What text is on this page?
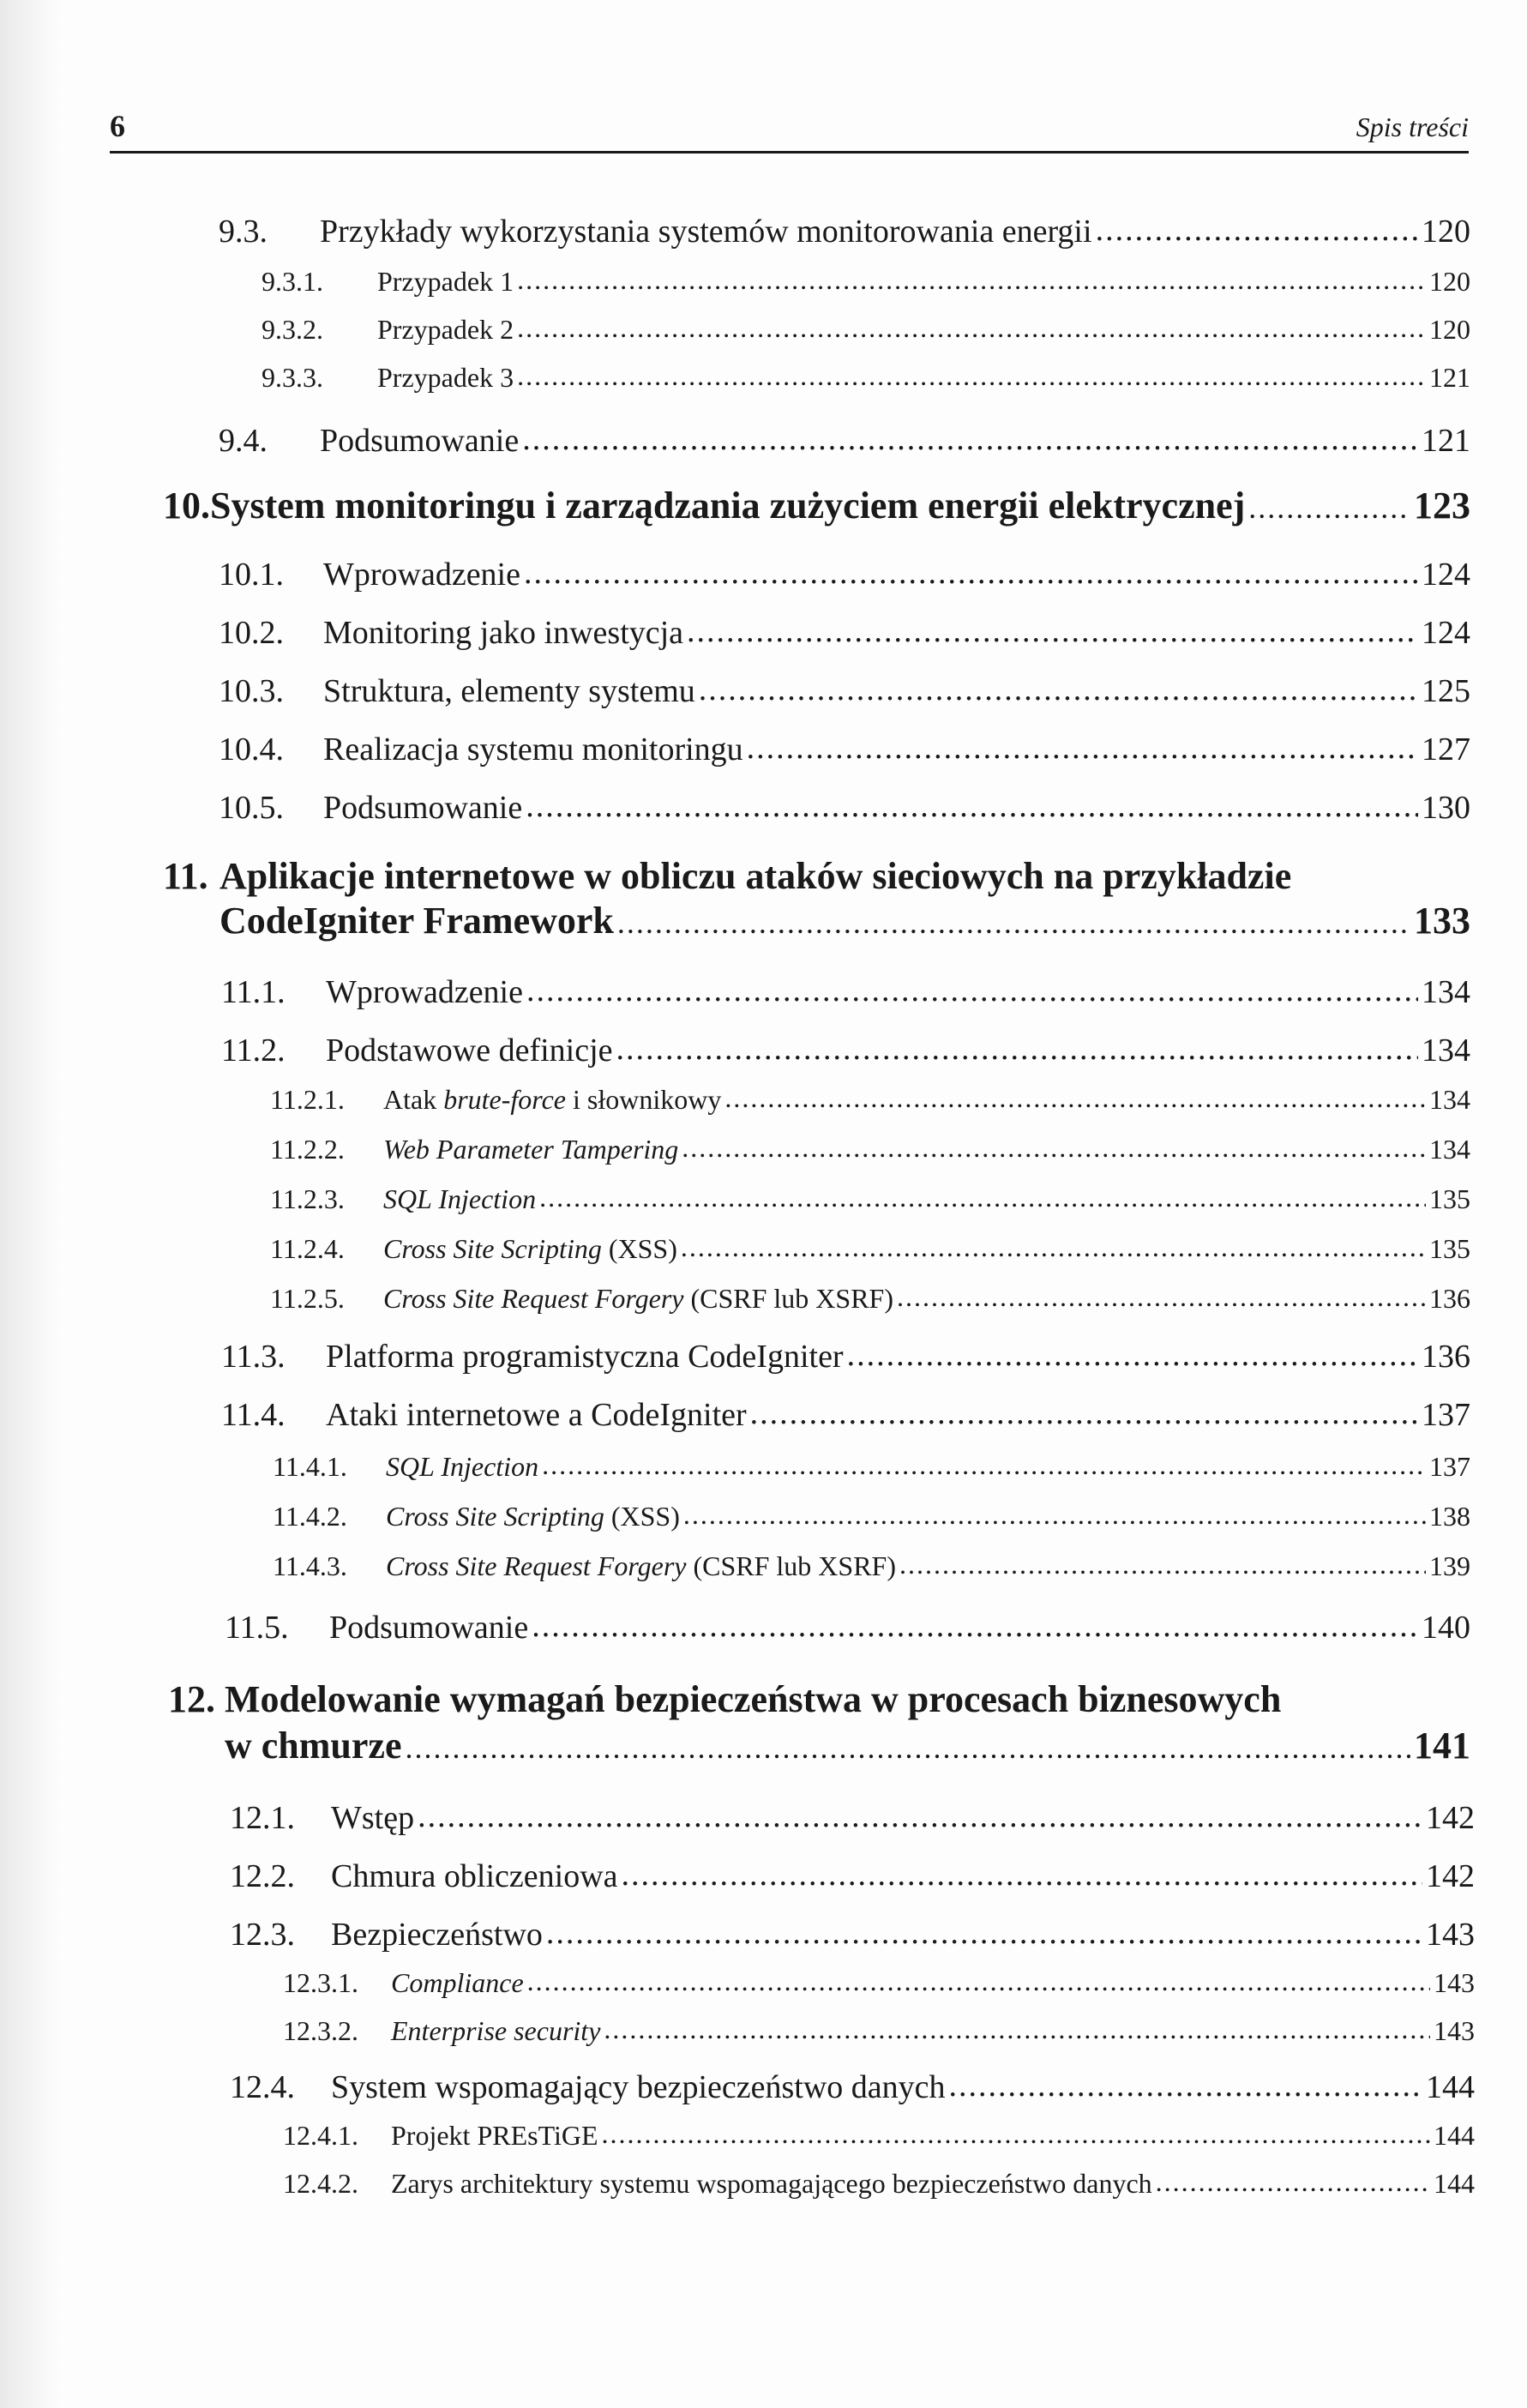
6	Spis treści
9.3.	Przykłady wykorzystania systemów monitorowania energii .....	120
9.3.1.	Przypadek 1 .....	120
9.3.2.	Przypadek 2 .....	120
9.3.3.	Przypadek 3 .....	121
9.4.	Podsumowanie .....	121
10. System monitoringu i zarządzania zużyciem energii elektrycznej .....	123
10.1.	Wprowadzenie .....	124
10.2.	Monitoring jako inwestycja .....	124
10.3.	Struktura, elementy systemu .....	125
10.4.	Realizacja systemu monitoringu .....	127
10.5.	Podsumowanie .....	130
11. Aplikacje internetowe w obliczu ataków sieciowych na przykładzie
CodeIgniter Framework .....	133
11.1.	Wprowadzenie .....	134
11.2.	Podstawowe definicje .....	134
11.2.1.	Atak brute-force i słownikowy .....	134
11.2.2.	Web Parameter Tampering .....	134
11.2.3.	SQL Injection .....	135
11.2.4.	Cross Site Scripting (XSS) .....	135
11.2.5.	Cross Site Request Forgery (CSRF lub XSRF) .....	136
11.3.	Platforma programistyczna CodeIgniter .....	136
11.4.	Ataki internetowe a CodeIgniter .....	137
11.4.1.	SQL Injection .....	137
11.4.2.	Cross Site Scripting (XSS) .....	138
11.4.3.	Cross Site Request Forgery (CSRF lub XSRF) .....	139
11.5.	Podsumowanie .....	140
12. Modelowanie wymagań bezpieczeństwa w procesach biznesowych
w chmurze .....	141
12.1.	Wstęp .....	142
12.2.	Chmura obliczeniowa .....	142
12.3.	Bezpieczeństwo .....	143
12.3.1.	Compliance .....	143
12.3.2.	Enterprise security .....	143
12.4.	System wspomagający bezpieczeństwo danych .....	144
12.4.1.	Projekt PREsTiGE .....	144
12.4.2.	Zarys architektury systemu wspomagającego bezpieczeństwo danych .....	144
